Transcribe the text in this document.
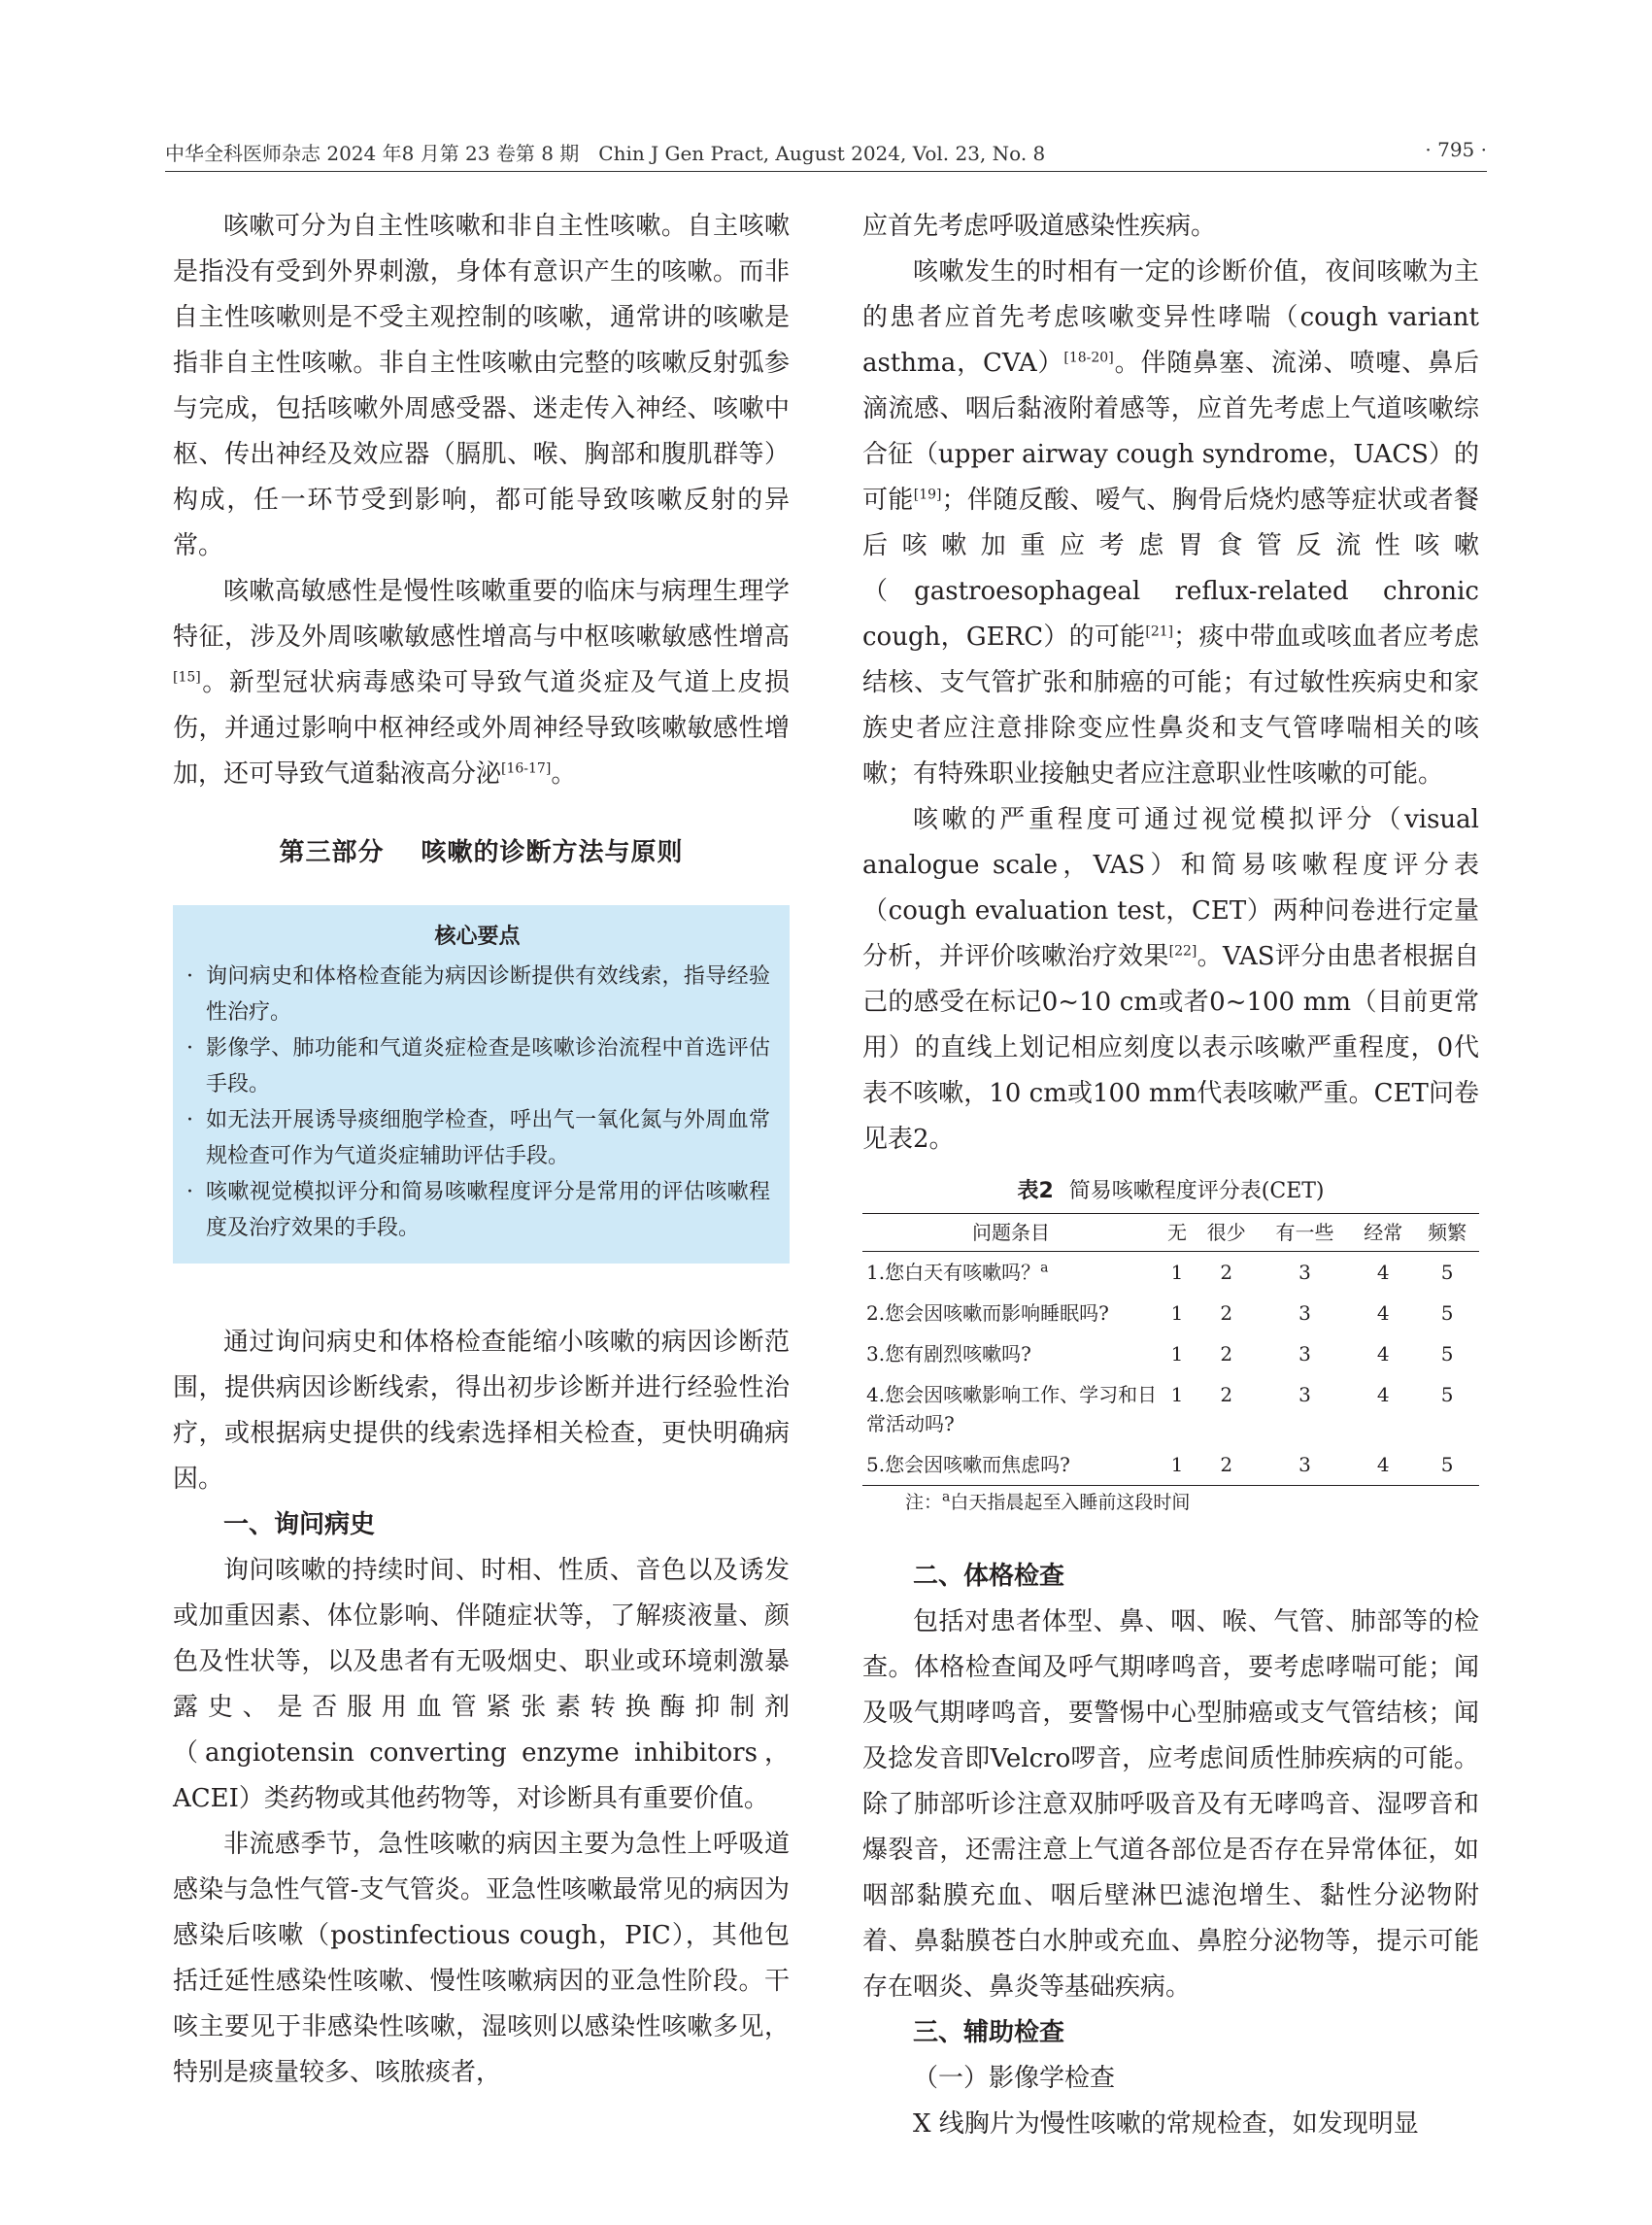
中华全科医师杂志 2024 年8 月第 23 卷第 8 期　Chin J Gen Pract, August 2024, Vol. 23, No. 8	· 795 ·

咳嗽可分为自主性咳嗽和非自主性咳嗽。自主咳嗽是指没有受到外界刺激，身体有意识产生的咳嗽。而非自主性咳嗽则是不受主观控制的咳嗽，通常讲的咳嗽是指非自主性咳嗽。非自主性咳嗽由完整的咳嗽反射弧参与完成，包括咳嗽外周感受器、迷走传入神经、咳嗽中枢、传出神经及效应器（膈肌、喉、胸部和腹肌群等）构成，任一环节受到影响，都可能导致咳嗽反射的异常。

咳嗽高敏感性是慢性咳嗽重要的临床与病理生理学特征，涉及外周咳嗽敏感性增高与中枢咳嗽敏感性增高[15]。新型冠状病毒感染可导致气道炎症及气道上皮损伤，并通过影响中枢神经或外周神经导致咳嗽敏感性增加，还可导致气道黏液高分泌[16-17]。

第三部分 咳嗽的诊断方法与原则
核心要点
· 询问病史和体格检查能为病因诊断提供有效线索，指导经验性治疗。
· 影像学、肺功能和气道炎症检查是咳嗽诊治流程中首选评估手段。
· 如无法开展诱导痰细胞学检查，呼出气一氧化氮与外周血常规检查可作为气道炎症辅助评估手段。
· 咳嗽视觉模拟评分和简易咳嗽程度评分是常用的评估咳嗽程度及治疗效果的手段。

通过询问病史和体格检查能缩小咳嗽的病因诊断范围，提供病因诊断线索，得出初步诊断并进行经验性治疗，或根据病史提供的线索选择相关检查，更快明确病因。

一、询问病史

询问咳嗽的持续时间、时相、性质、音色以及诱发或加重因素、体位影响、伴随症状等，了解痰液量、颜色及性状等，以及患者有无吸烟史、职业或环境刺激暴露史、是否服用血管紧张素转换酶抑制剂（angiotensin converting enzyme inhibitors，ACEI）类药物或其他药物等，对诊断具有重要价值。

非流感季节，急性咳嗽的病因主要为急性上呼吸道感染与急性气管-支气管炎。亚急性咳嗽最常见的病因为感染后咳嗽（postinfectious cough，PIC），其他包括迁延性感染性咳嗽、慢性咳嗽病因的亚急性阶段。干咳主要见于非感染性咳嗽，湿咳则以感染性咳嗽多见，特别是痰量较多、咳脓痰者，

应首先考虑呼吸道感染性疾病。

咳嗽发生的时相有一定的诊断价值，夜间咳嗽为主的患者应首先考虑咳嗽变异性哮喘（cough variant asthma，CVA）[18-20]。伴随鼻塞、流涕、喷嚏、鼻后滴流感、咽后黏液附着感等，应首先考虑上气道咳嗽综合征（upper airway cough syndrome，UACS）的可能[19]；伴随反酸、嗳气、胸骨后烧灼感等症状或者餐后咳嗽加重应考虑胃食管反流性咳嗽（gastroesophageal reflux-related chronic cough，GERC）的可能[21]；痰中带血或咳血者应考虑结核、支气管扩张和肺癌的可能；有过敏性疾病史和家族史者应注意排除变应性鼻炎和支气管哮喘相关的咳嗽；有特殊职业接触史者应注意职业性咳嗽的可能。

咳嗽的严重程度可通过视觉模拟评分（visual analogue scale，VAS）和简易咳嗽程度评分表（cough evaluation test，CET）两种问卷进行定量分析，并评价咳嗽治疗效果[22]。VAS评分由患者根据自己的感受在标记0~10 cm或者0~100 mm（目前更常用）的直线上划记相应刻度以表示咳嗽严重程度，0代表不咳嗽，10 cm或100 mm代表咳嗽严重。CET问卷见表2。

表2 简易咳嗽程度评分表(CET)
问题条目	无	很少	有一些	经常	频繁
1.您白天有咳嗽吗？$^a$	1	2	3	4	5
2.您会因咳嗽而影响睡眠吗?	1	2	3	4	5
3.您有剧烈咳嗽吗?	1	2	3	4	5
4.您会因咳嗽影响工作、学习和日常活动吗?	1	2	3	4	5
5.您会因咳嗽而焦虑吗?	1	2	3	4	5
注：$^a$白天指晨起至入睡前这段时间
二、体格检查

包括对患者体型、鼻、咽、喉、气管、肺部等的检查。体格检查闻及呼气期哮鸣音，要考虑哮喘可能；闻及吸气期哮鸣音，要警惕中心型肺癌或支气管结核；闻及捻发音即Velcro啰音，应考虑间质性肺疾病的可能。除了肺部听诊注意双肺呼吸音及有无哮鸣音、湿啰音和爆裂音，还需注意上气道各部位是否存在异常体征，如咽部黏膜充血、咽后壁淋巴滤泡增生、黏性分泌物附着、鼻黏膜苍白水肿或充血、鼻腔分泌物等，提示可能存在咽炎、鼻炎等基础疾病。

三、辅助检查

（一）影像学检查

X 线胸片为慢性咳嗽的常规检查，如发现明显
